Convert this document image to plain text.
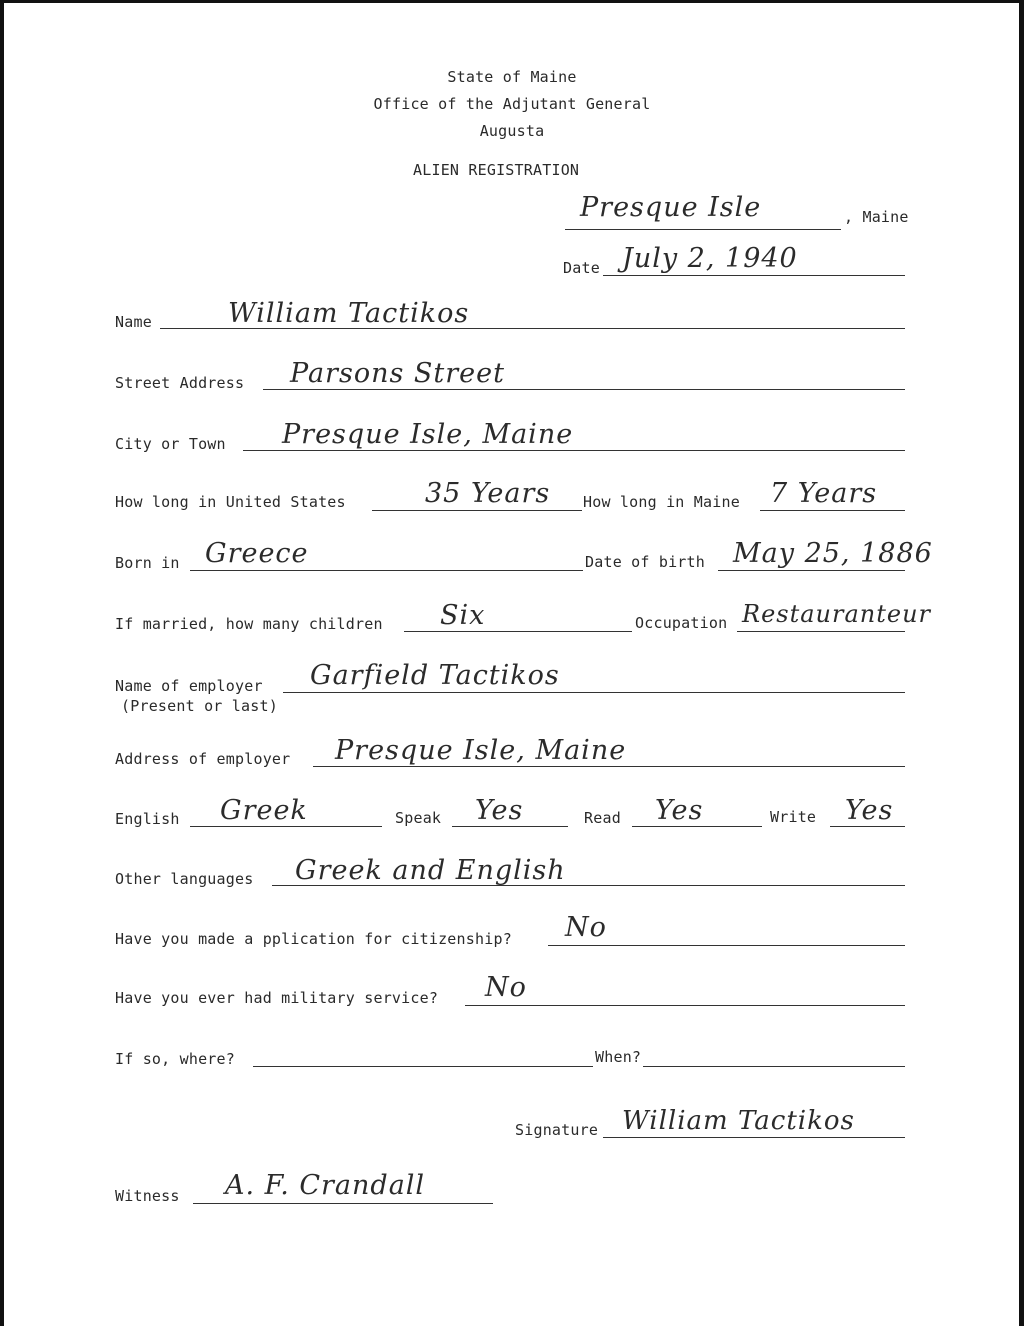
State of Maine
Office of the Adjutant General
Augusta
ALIEN REGISTRATION
Presque Isle	, Maine
Date July 2, 1940
Name	William Tactikos
Street Address Parsons Street
City or Town Presque Isle, Maine
How long in United States	35 Years How long in Maine 7 Years
Born in Greece	Date of birth May 25, 1886
If married, how many children Six	Occupation Restauranteur
Name of employer
(Present or last)
Garfield Tactikos
Address of employer Presque Isle, Maine
English Greek	Speak Yes	Read Yes	Write Yes
Other languages Greek and English
Have you made a pplication for citizenship? No
Have you ever had military service? No
If so, where?	When?
Signature William Tactikos
Witness A. F. Crandall
